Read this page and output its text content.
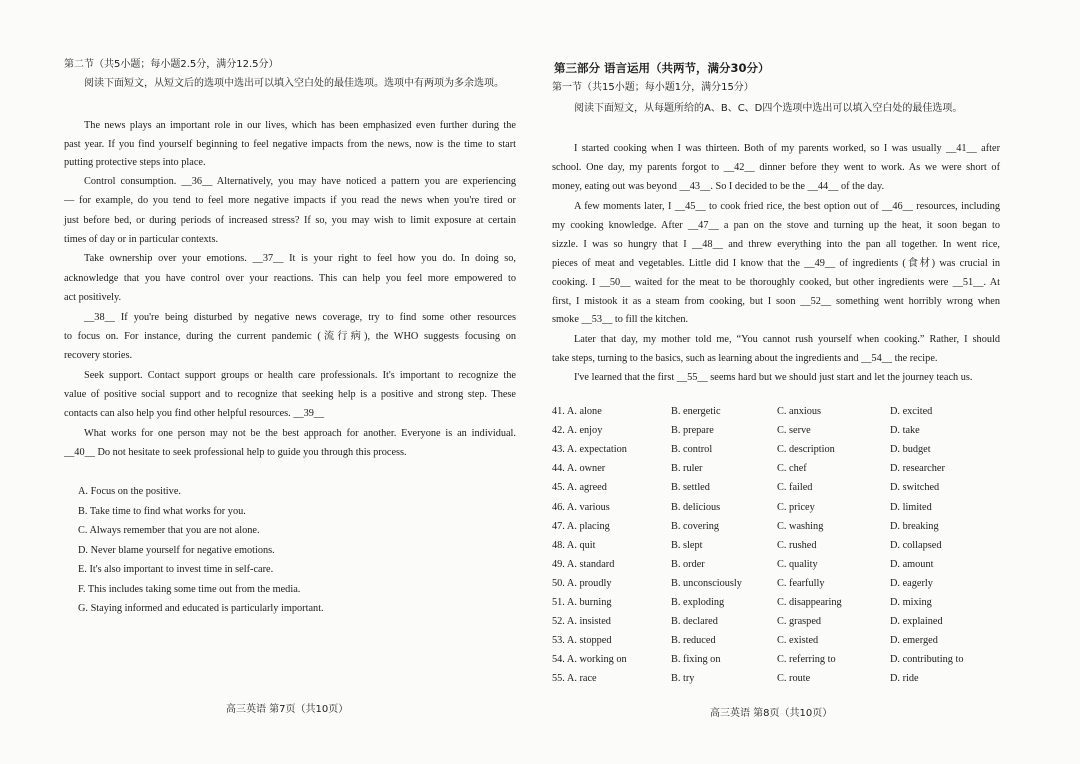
第二节（共5小题；每小题2.5分，满分12.5分）
阅读下面短文，从短文后的选项中选出可以填入空白处的最佳选项。选项中有两项为多余选项。
The news plays an important role in our lives, which has been emphasized even further during the
past year. If you find yourself beginning to feel negative impacts from the news, now is the time to start
putting protective steps into place.
Control consumption. __36__ Alternatively, you may have noticed a pattern you are experiencing
— for example, do you tend to feel more negative impacts if you read the news when you're tired or
just before bed, or during periods of increased stress? If so, you may wish to limit exposure at certain
times of day or in particular contexts.
Take ownership over your emotions. __37__ It is your right to feel how you do. In doing so,
acknowledge that you have control over your reactions. This can help you feel more empowered to
act positively.
__38__ If you're being disturbed by negative news coverage, try to find some other resources
to focus on. For instance, during the current pandemic (流行病), the WHO suggests focusing on
recovery stories.
Seek support. Contact support groups or health care professionals. It's important to recognize the
value of positive social support and to recognize that seeking help is a positive and strong step. These
contacts can also help you find other helpful resources. __39__
What works for one person may not be the best approach for another. Everyone is an individual.
__40__ Do not hesitate to seek professional help to guide you through this process.
A. Focus on the positive.
B. Take time to find what works for you.
C. Always remember that you are not alone.
D. Never blame yourself for negative emotions.
E. It's also important to invest time in self-care.
F. This includes taking some time out from the media.
G. Staying informed and educated is particularly important.
高三英语 第7页（共10页）
第三部分 语言运用（共两节，满分30分）
第一节（共15小题；每小题1分，满分15分）
阅读下面短文，从每题所给的A、B、C、D四个选项中选出可以填入空白处的最佳选项。
I started cooking when I was thirteen. Both of my parents worked, so I was usually __41__ after
school. One day, my parents forgot to __42__ dinner before they went to work. As we were short of
money, eating out was beyond __43__. So I decided to be the __44__ of the day.
A few moments later, I __45__ to cook fried rice, the best option out of __46__ resources, including
my cooking knowledge. After __47__ a pan on the stove and turning up the heat, it soon began to
sizzle. I was so hungry that I __48__ and threw everything into the pan all together. In went rice,
pieces of meat and vegetables. Little did I know that the __49__ of ingredients (食材) was crucial in
cooking. I __50__ waited for the meat to be thoroughly cooked, but other ingredients were __51__. At
first, I mistook it as a steam from cooking, but I soon __52__ something went horribly wrong when
smoke __53__ to fill the kitchen.
Later that day, my mother told me, “You cannot rush yourself when cooking.” Rather, I should
take steps, turning to the basics, such as learning about the ingredients and __54__ the recipe.
I've learned that the first __55__ seems hard but we should just start and let the journey teach us.
41. A. alone	B. energetic	C. anxious	D. excited
42. A. enjoy	B. prepare	C. serve	D. take
43. A. expectation	B. control	C. description	D. budget
44. A. owner	B. ruler	C. chef	D. researcher
45. A. agreed	B. settled	C. failed	D. switched
46. A. various	B. delicious	C. pricey	D. limited
47. A. placing	B. covering	C. washing	D. breaking
48. A. quit	B. slept	C. rushed	D. collapsed
49. A. standard	B. order	C. quality	D. amount
50. A. proudly	B. unconsciously	C. fearfully	D. eagerly
51. A. burning	B. exploding	C. disappearing	D. mixing
52. A. insisted	B. declared	C. grasped	D. explained
53. A. stopped	B. reduced	C. existed	D. emerged
54. A. working on	B. fixing on	C. referring to	D. contributing to
55. A. race	B. try	C. route	D. ride
高三英语 第8页（共10页）
